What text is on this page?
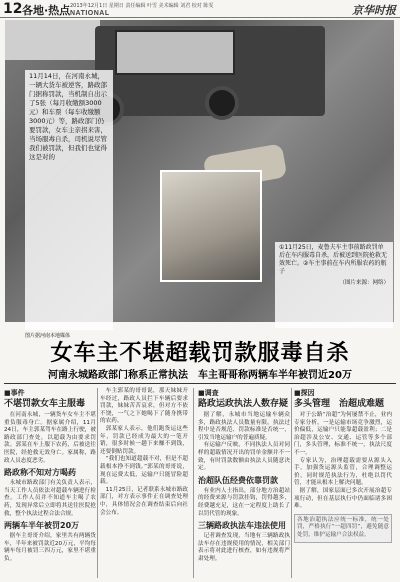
12 各地·热点 2013年12月1日 星期日 责任编辑 叶雪 美术编辑 刘君 校对 陈雯
NATIONAL	京华时报
11月14日，在河南永城，一辆大货车被逆客，路政部门据称罚款，当机制自出示了5张（每月收缴额3000元）和车票（每车收缴额3000元）等，路政部门仍要罚款，女车主亲拐来害，当场服毒自杀，司机说尽管我们被罚款，但我们也觉得这是对的
①11月25日，麦鲁夫车主事前路政罚单后在车内服毒自杀，后被送到医院抢救无效死亡。②车主事前在车内所服农药的瓶子
（图片来源：网络）
图片据河南本地媒体
女车主不堪超载罚款服毒自杀
河南永城路政部门称系正常执法　车主哥哥称两辆车半年被罚近20万
■事件
不堪罚款女车主服毒

在河南永城，一辆货车女车主不堪重负服毒身亡。据家属介绍，11月24日，车主郭某驾车在路上行驶，被路政部门查处，以超载为由要求罚款。郭某在车上服下农药，后被送往医院，经抢救无效身亡。家属称，路政人员态度恶劣。

路政称不知对方喝药

永城市路政部门有关负责人表示，当天工作人员依法对超载车辆进行检查，工作人员并不知道车主喝了农药，发现异常后立即将其送往医院抢救，整个执法过程合法合规。

两辆车半年被罚20万

据车主哥哥介绍，家里共有两辆货车，半年来被罚款近20万元，平均每辆车每月被罚三四万元，家里不堪重负。

车主郭某的哥哥说，那天妹妹开车经过，路政人员拦下车辆后要求罚款，妹妹苦苦哀求，但对方不依不饶，一气之下她喝下了随身携带的农药。

郭某家人表示，他们跑货运这些年，罚款已经成为最大的一笔开销，很多时候一趟下来赚不到钱，还要倒贴罚款。

“我们也知道超载不对，但是不超载根本挣不到钱。”郭某的哥哥说，现在运费太低，运输户只能冒险超载。

11月25日，记者联系永城市路政部门，对方表示事件正在调查处理中，具体情况会在调查结束后向社会公布。

■调查
路政运政执法人数存疑

据了解，永城市当地运输车辆众多，路政执法人员数量有限，执法过程中是否规范、罚款标准是否统一，引发当地运输户的普遍质疑。

有运输户反映，不同执法人员对同样的超载情况开出的罚单金额并不一致，有时罚款数额由执法人员随意决定。

治超队伍经费依靠罚款

有业内人士指出，部分地方治超站的经费来源与罚款挂钩，罚得越多，经费越充足，这在一定程度上助长了以罚代管的现象。

三辆路政执法车违法使用

记者调查发现，当地有三辆路政执法车存在违规使用的情况，相关部门表示将对此进行核查，如有违规将严肃处理。

■探因
多头管理　治超成难题

对于公路“治超”为何屡禁不止，业内专家分析，一是运输市场竞争激烈，运价偏低，运输户只能靠超载盈利；二是治超涉及公安、交通、运管等多个部门，多头管理，标准不统一，执法尺度不一。

专家认为，治理超载需要从源头入手，加强货运源头监管，合理调整运价，同时规范执法行为，杜绝以罚代管，才能从根本上解决问题。

据了解，国家层面已多次开展治超专项行动，但在基层执行中仍面临诸多困难。

各地治超执法应统一标准，统一处罚，严格执行“一超四罚”，避免随意处罚，维护运输户合法权益。
